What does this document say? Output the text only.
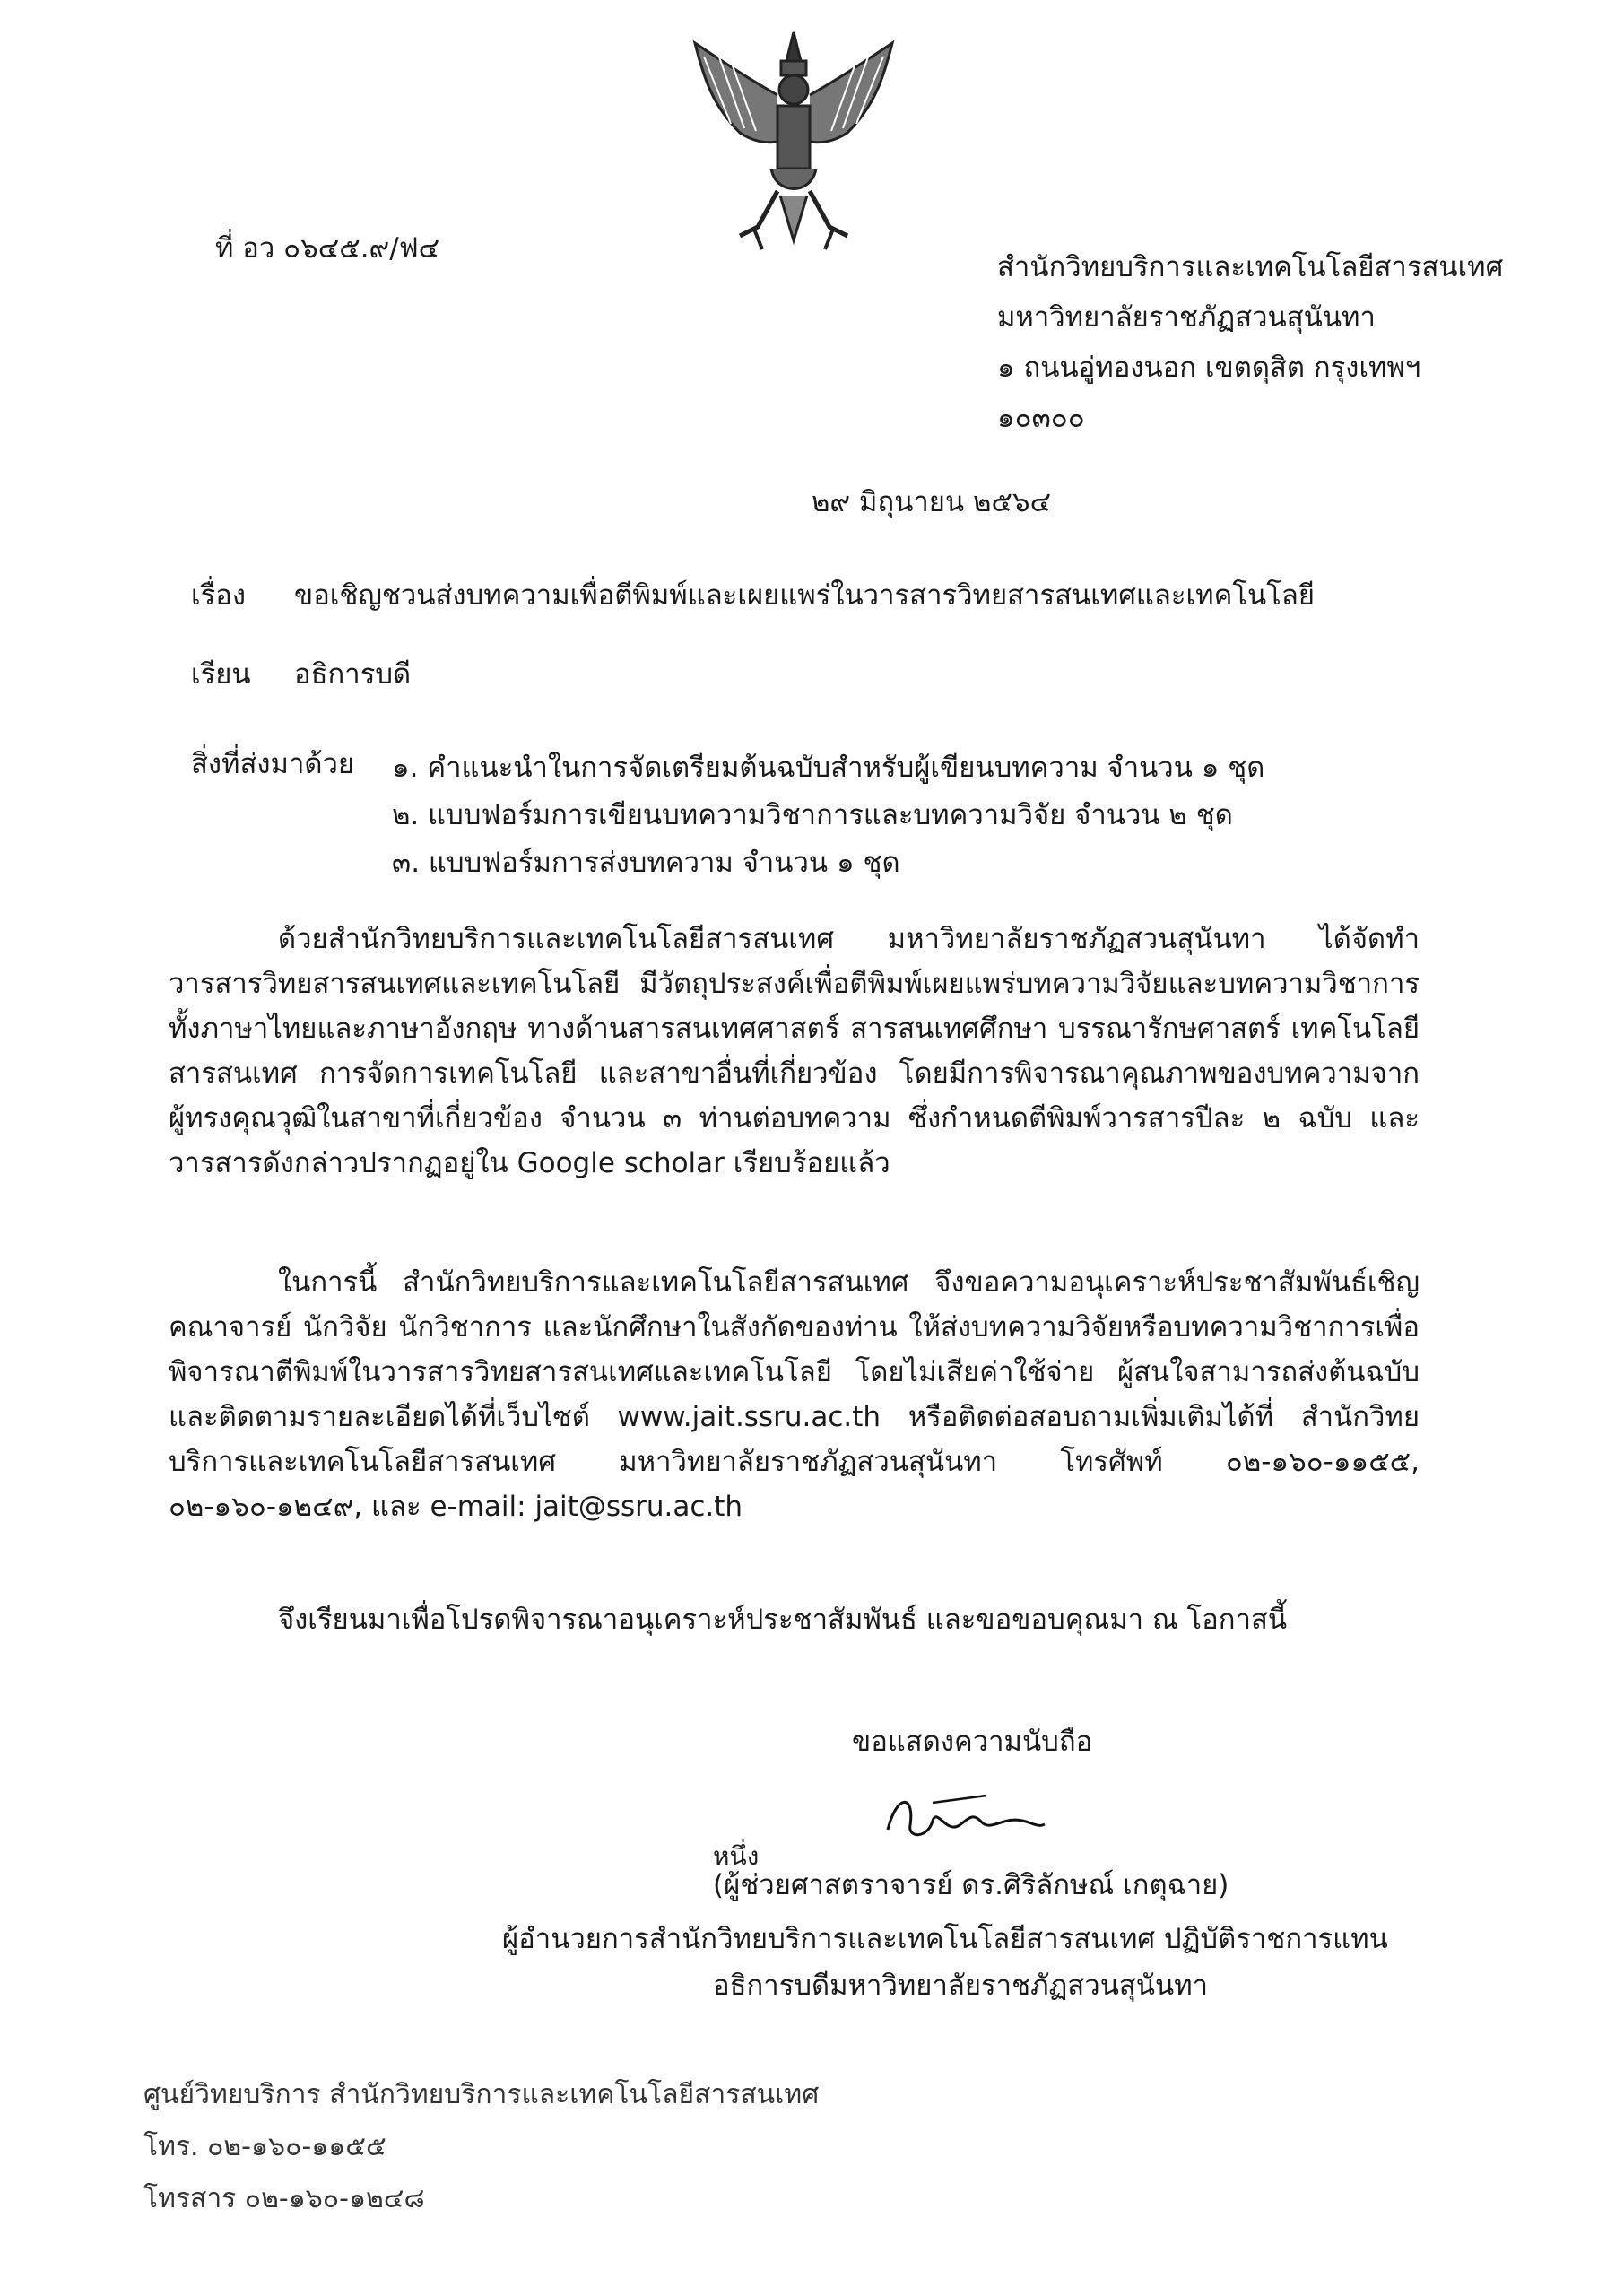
ที่ อว ๐๖๔๕.๙/ฟ๔
สำนักวิทยบริการและเทคโนโลยีสารสนเทศ
มหาวิทยาลัยราชภัฏสวนสุนันทา
๑ ถนนอู่ทองนอก เขตดุสิต กรุงเทพฯ
๑๐๓๐๐
๒๙ มิถุนายน ๒๕๖๔
เรื่อง ขอเชิญชวนส่งบทความเพื่อตีพิมพ์และเผยแพร่ในวารสารวิทยสารสนเทศและเทคโนโลยี
เรียน อธิการบดี
สิ่งที่ส่งมาด้วย ๑. คำแนะนำในการจัดเตรียมต้นฉบับสำหรับผู้เขียนบทความ จำนวน ๑ ชุด
๒. แบบฟอร์มการเขียนบทความวิชาการและบทความวิจัย จำนวน ๒ ชุด
๓. แบบฟอร์มการส่งบทความ จำนวน ๑ ชุด
ด้วยสำนักวิทยบริการและเทคโนโลยีสารสนเทศ มหาวิทยาลัยราชภัฏสวนสุนันทา ได้จัดทำวารสารวิทยสารสนเทศและเทคโนโลยี มีวัตถุประสงค์เพื่อตีพิมพ์เผยแพร่บทความวิจัยและบทความวิชาการทั้งภาษาไทยและภาษาอังกฤษ ทางด้านสารสนเทศศาสตร์ สารสนเทศศึกษา บรรณารักษศาสตร์ เทคโนโลยีสารสนเทศ การจัดการเทคโนโลยี และสาขาอื่นที่เกี่ยวข้อง โดยมีการพิจารณาคุณภาพของบทความจากผู้ทรงคุณวุฒิในสาขาที่เกี่ยวข้อง จำนวน ๓ ท่านต่อบทความ ซึ่งกำหนดตีพิมพ์วารสารปีละ ๒ ฉบับ และวารสารดังกล่าวปรากฏอยู่ใน Google scholar เรียบร้อยแล้ว
ในการนี้ สำนักวิทยบริการและเทคโนโลยีสารสนเทศ จึงขอความอนุเคราะห์ประชาสัมพันธ์เชิญคณาจารย์ นักวิจัย นักวิชาการ และนักศึกษาในสังกัดของท่าน ให้ส่งบทความวิจัยหรือบทความวิชาการเพื่อพิจารณาตีพิมพ์ในวารสารวิทยสารสนเทศและเทคโนโลยี โดยไม่เสียค่าใช้จ่าย ผู้สนใจสามารถส่งต้นฉบับและติดตามรายละเอียดได้ที่เว็บไซต์ www.jait.ssru.ac.th หรือติดต่อสอบถามเพิ่มเติมได้ที่ สำนักวิทยบริการและเทคโนโลยีสารสนเทศ มหาวิทยาลัยราชภัฏสวนสุนันทา โทรศัพท์ ๐๒-๑๖๐-๑๑๕๕, ๐๒-๑๖๐-๑๒๔๙, และ e-mail: jait@ssru.ac.th
จึงเรียนมาเพื่อโปรดพิจารณาอนุเคราะห์ประชาสัมพันธ์ และขอขอบคุณมา ณ โอกาสนี้
ขอแสดงความนับถือ
หนึ่ง
(ผู้ช่วยศาสตราจารย์ ดร.ศิริลักษณ์ เกตุฉาย)
ผู้อำนวยการสำนักวิทยบริการและเทคโนโลยีสารสนเทศ ปฏิบัติราชการแทน
อธิการบดีมหาวิทยาลัยราชภัฏสวนสุนันทา
ศูนย์วิทยบริการ สำนักวิทยบริการและเทคโนโลยีสารสนเทศ
โทร. ๐๒-๑๖๐-๑๑๕๕
โทรสาร ๐๒-๑๖๐-๑๒๔๘
